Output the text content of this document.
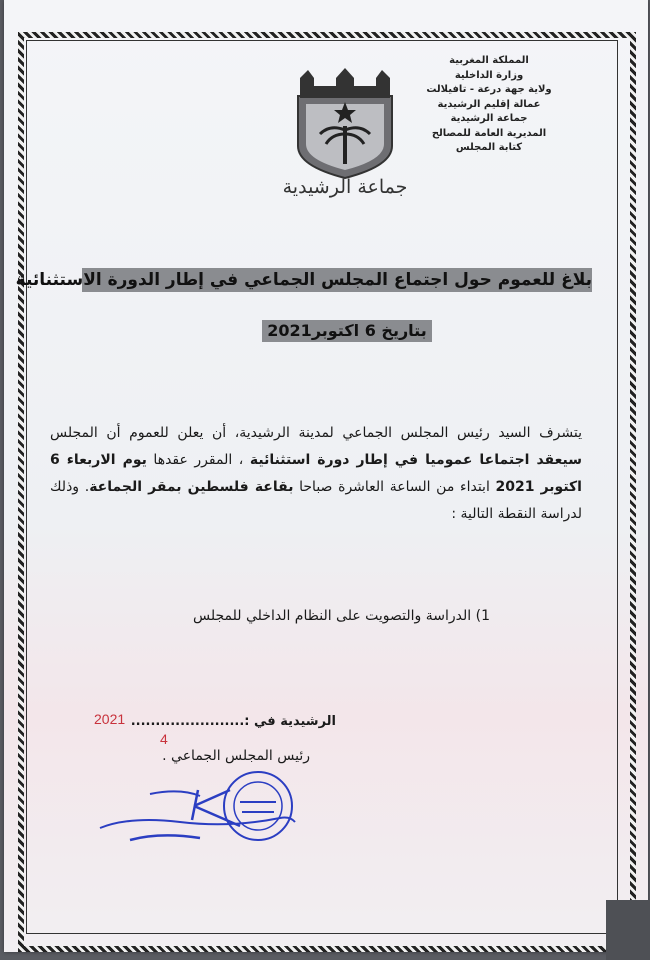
المملكة المغربية
وزارة الداخلية
ولاية جهة درعة - تافيلالت
عمالة إقليم الرشيدية
جماعة الرشيدية
المديرية العامة للمصالح
كتابة المجلس
جماعة الرشيدية
بلاغ للعموم حول اجتماع المجلس الجماعي في إطار الدورة الاستثنائية
بتاريخ 6 اكتوبر2021
يتشرف السيد رئيس المجلس الجماعي لمدينة الرشيدية، أن يعلن للعموم أن المجلس سيعقد اجتماعا عموميا في إطار دورة استثنائية ، المقرر عقدها يوم الاربعاء 6 اكتوبر 2021 ابتداء من الساعة العاشرة صباحا بقاعة فلسطين بمقر الجماعة. وذلك لدراسة النقطة التالية :
1) الدراسة والتصويت على النظام الداخلي للمجلس
الرشيدية في :.......................
2021
4
رئيس المجلس الجماعي .
